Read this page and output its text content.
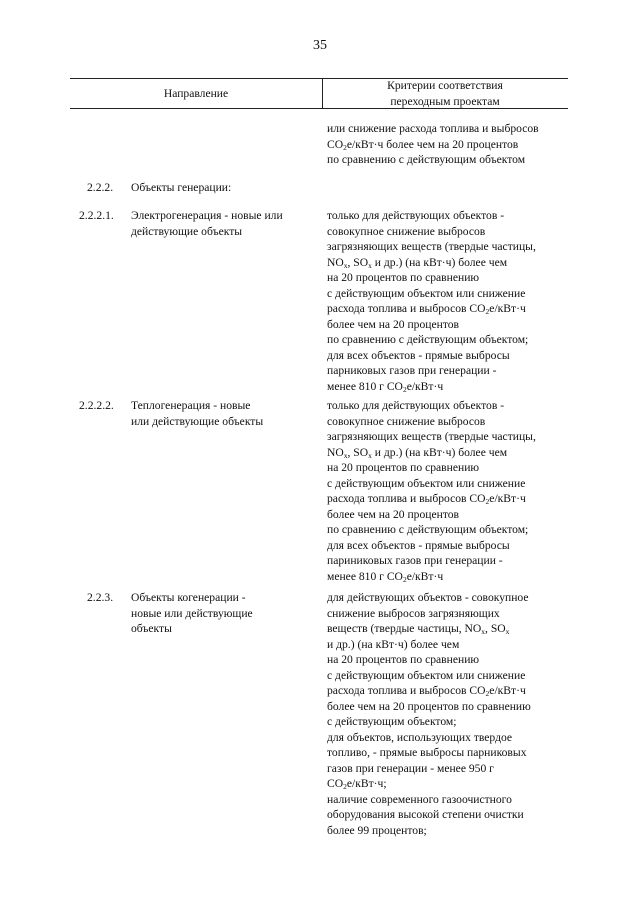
35
Направление
Критерии соответствия
переходным проектам
или снижение расхода топлива и выбросов
$CO_2e/кВт\cdot ч$ более чем на 20 процентов
по сравнению с действующим объектом
2.2.2. Объекты генерации:
2.2.2.1. Электрогенерация - новые или
действующие объекты
только для действующих объектов -
совокупное снижение выбросов
загрязняющих веществ (твердые частицы,
$NO_x$, $SO_x$ и др.) (на кВт·ч) более чем
на 20 процентов по сравнению
с действующим объектом или снижение
расхода топлива и выбросов $CO_2e/кВт\cdot ч$
более чем на 20 процентов
по сравнению с действующим объектом;
для всех объектов - прямые выбросы
парниковых газов при генерации -
менее 810 г $CO_2e/кВт\cdot ч$
2.2.2.2. Теплогенерация - новые
или действующие объекты
только для действующих объектов -
совокупное снижение выбросов
загрязняющих веществ (твердые частицы,
$NO_x$, $SO_x$ и др.) (на кВт·ч) более чем
на 20 процентов по сравнению
с действующим объектом или снижение
расхода топлива и выбросов $CO_2e/кВт\cdot ч$
более чем на 20 процентов
по сравнению с действующим объектом;
для всех объектов - прямые выбросы
париниковых газов при генерации -
менее 810 г $CO_2e/кВт\cdot ч$
2.2.3. Объекты когенерации -
новые или действующие
объекты
для действующих объектов - совокупное
снижение выбросов загрязняющих
веществ (твердые частицы, $NO_x$, $SO_x$
и др.) (на кВт·ч) более чем
на 20 процентов по сравнению
с действующим объектом или снижение
расхода топлива и выбросов $CO_2e/кВт\cdot ч$
более чем на 20 процентов по сравнению
с действующим объектом;
для объектов, использующих твердое
топливо, - прямые выбросы парниковых
газов при генерации - менее 950 г
$CO_2e/кВт\cdot ч$;
наличие современного газоочистного
оборудования высокой степени очистки
более 99 процентов;
